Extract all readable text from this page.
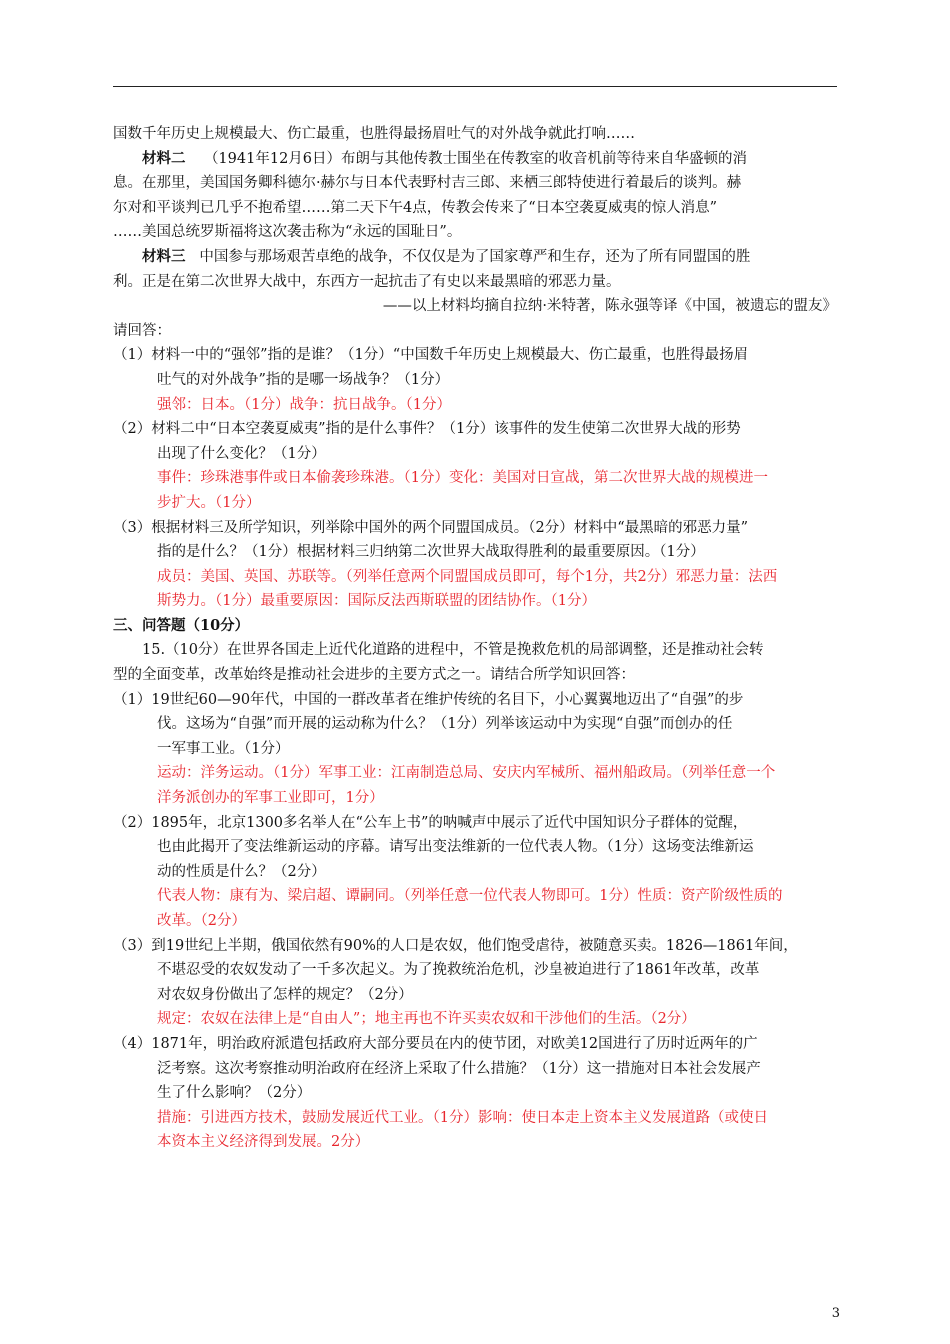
国数千年历史上规模最大、伤亡最重，也胜得最扬眉吐气的对外战争就此打响……
材料二 （1941年12月6日）布朗与其他传教士围坐在传教室的收音机前等待来自华盛顿的消
息。在那里，美国国务卿科德尔·赫尔与日本代表野村吉三郎、来栖三郎特使进行着最后的谈判。赫
尔对和平谈判已几乎不抱希望……第二天下午4点，传教会传来了“日本空袭夏威夷的惊人消息”
……美国总统罗斯福将这次袭击称为“永远的国耻日”。
材料三 中国参与那场艰苦卓绝的战争，不仅仅是为了国家尊严和生存，还为了所有同盟国的胜
利。正是在第二次世界大战中，东西方一起抗击了有史以来最黑暗的邪恶力量。
——以上材料均摘自拉纳·米特著，陈永强等译《中国，被遗忘的盟友》
请回答：
（1）材料一中的“强邻”指的是谁？（1分）“中国数千年历史上规模最大、伤亡最重，也胜得最扬眉
吐气的对外战争”指的是哪一场战争？（1分）
强邻：日本。（1分）战争：抗日战争。（1分）
（2）材料二中“日本空袭夏威夷”指的是什么事件？（1分）该事件的发生使第二次世界大战的形势
出现了什么变化？（1分）
事件：珍珠港事件或日本偷袭珍珠港。（1分）变化：美国对日宣战，第二次世界大战的规模进一
步扩大。（1分）
（3）根据材料三及所学知识，列举除中国外的两个同盟国成员。（2分）材料中“最黑暗的邪恶力量”
指的是什么？（1分）根据材料三归纳第二次世界大战取得胜利的最重要原因。（1分）
成员：美国、英国、苏联等。（列举任意两个同盟国成员即可，每个1分，共2分）邪恶力量：法西
斯势力。（1分）最重要原因：国际反法西斯联盟的团结协作。（1分）
三、问答题（10分）
15.（10分）在世界各国走上近代化道路的进程中，不管是挽救危机的局部调整，还是推动社会转
型的全面变革，改革始终是推动社会进步的主要方式之一。请结合所学知识回答：
（1）19世纪60—90年代，中国的一群改革者在维护传统的名目下，小心翼翼地迈出了“自强”的步
伐。这场为“自强”而开展的运动称为什么？（1分）列举该运动中为实现“自强”而创办的任
一军事工业。（1分）
运动：洋务运动。（1分）军事工业：江南制造总局、安庆内军械所、福州船政局。（列举任意一个
洋务派创办的军事工业即可，1分）
（2）1895年，北京1300多名举人在“公车上书”的呐喊声中展示了近代中国知识分子群体的觉醒，
也由此揭开了变法维新运动的序幕。请写出变法维新的一位代表人物。（1分）这场变法维新运
动的性质是什么？（2分）
代表人物：康有为、梁启超、谭嗣同。（列举任意一位代表人物即可。1分）性质：资产阶级性质的
改革。（2分）
（3）到19世纪上半期，俄国依然有90%的人口是农奴，他们饱受虐待，被随意买卖。1826—1861年间，
不堪忍受的农奴发动了一千多次起义。为了挽救统治危机，沙皇被迫进行了1861年改革，改革
对农奴身份做出了怎样的规定？（2分）
规定：农奴在法律上是“自由人”；地主再也不许买卖农奴和干涉他们的生活。（2分）
（4）1871年，明治政府派遣包括政府大部分要员在内的使节团，对欧美12国进行了历时近两年的广
泛考察。这次考察推动明治政府在经济上采取了什么措施？（1分）这一措施对日本社会发展产
生了什么影响？（2分）
措施：引进西方技术，鼓励发展近代工业。（1分）影响：使日本走上资本主义发展道路（或使日
本资本主义经济得到发展。2分）
3
